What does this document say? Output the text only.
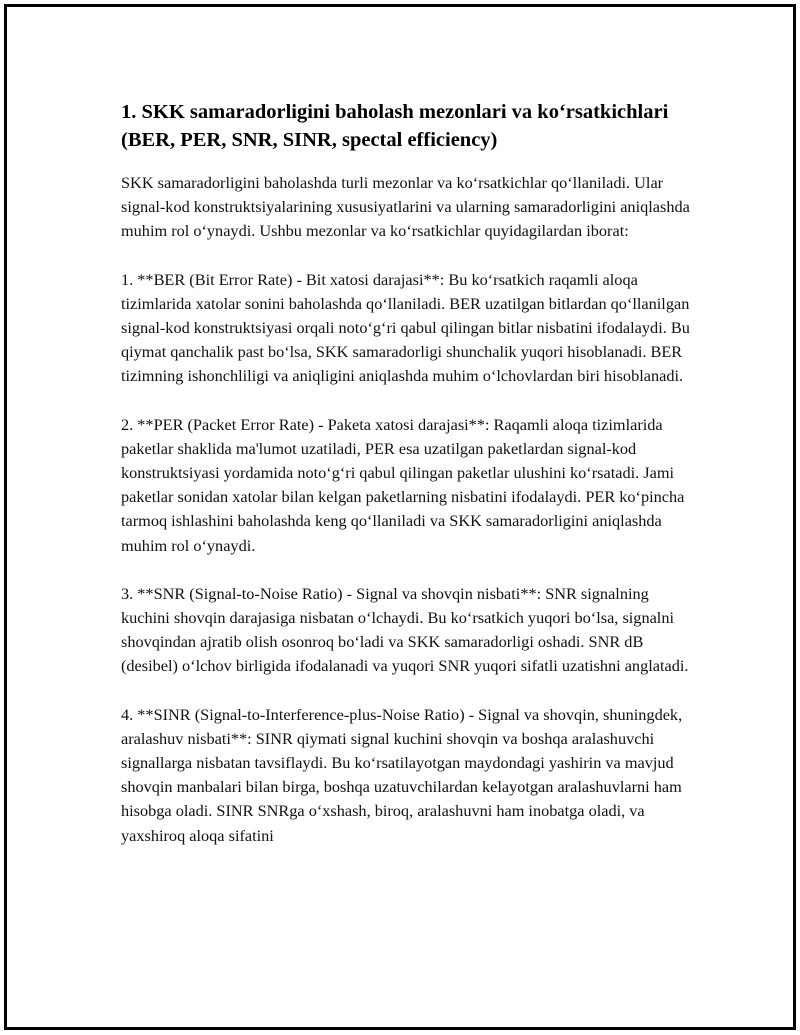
1. SKK samaradorligini baholash mezonlari va ko‘rsatkichlari (BER, PER, SNR, SINR, spectal efficiency)
SKK samaradorligini baholashda turli mezonlar va ko‘rsatkichlar qo‘llaniladi. Ular signal-kod konstruktsiyalarining xususiyatlarini va ularning samaradorligini aniqlashda muhim rol o‘ynaydi. Ushbu mezonlar va ko‘rsatkichlar quyidagilardan iborat:
1. **BER (Bit Error Rate) - Bit xatosi darajasi**: Bu ko‘rsatkich raqamli aloqa tizimlarida xatolar sonini baholashda qo‘llaniladi. BER uzatilgan bitlardan qo‘llanilgan signal-kod konstruktsiyasi orqali noto‘g‘ri qabul qilingan bitlar nisbatini ifodalaydi. Bu qiymat qanchalik past bo‘lsa, SKK samaradorligi shunchalik yuqori hisoblanadi. BER tizimning ishonchliligi va aniqligini aniqlashda muhim o‘lchovlardan biri hisoblanadi.
2. **PER (Packet Error Rate) - Paketa xatosi darajasi**: Raqamli aloqa tizimlarida paketlar shaklida ma'lumot uzatiladi, PER esa uzatilgan paketlardan signal-kod konstruktsiyasi yordamida noto‘g‘ri qabul qilingan paketlar ulushini ko‘rsatadi. Jami paketlar sonidan xatolar bilan kelgan paketlarning nisbatini ifodalaydi. PER ko‘pincha tarmoq ishlashini baholashda keng qo‘llaniladi va SKK samaradorligini aniqlashda muhim rol o‘ynaydi.
3. **SNR (Signal-to-Noise Ratio) - Signal va shovqin nisbati**: SNR signalning kuchini shovqin darajasiga nisbatan o‘lchaydi. Bu ko‘rsatkich yuqori bo‘lsa, signalni shovqindan ajratib olish osonroq bo‘ladi va SKK samaradorligi oshadi. SNR dB (desibel) o‘lchov birligida ifodalanadi va yuqori SNR yuqori sifatli uzatishni anglatadi.
4. **SINR (Signal-to-Interference-plus-Noise Ratio) - Signal va shovqin, shuningdek, aralashuv nisbati**: SINR qiymati signal kuchini shovqin va boshqa aralashuvchi signallarga nisbatan tavsiflaydi. Bu ko‘rsatilayotgan maydondagi yashirin va mavjud shovqin manbalari bilan birga, boshqa uzatuvchilardan kelayotgan aralashuvlarni ham hisobga oladi. SINR SNRga o‘xshash, biroq, aralashuvni ham inobatga oladi, va yaxshiroq aloqa sifatini
